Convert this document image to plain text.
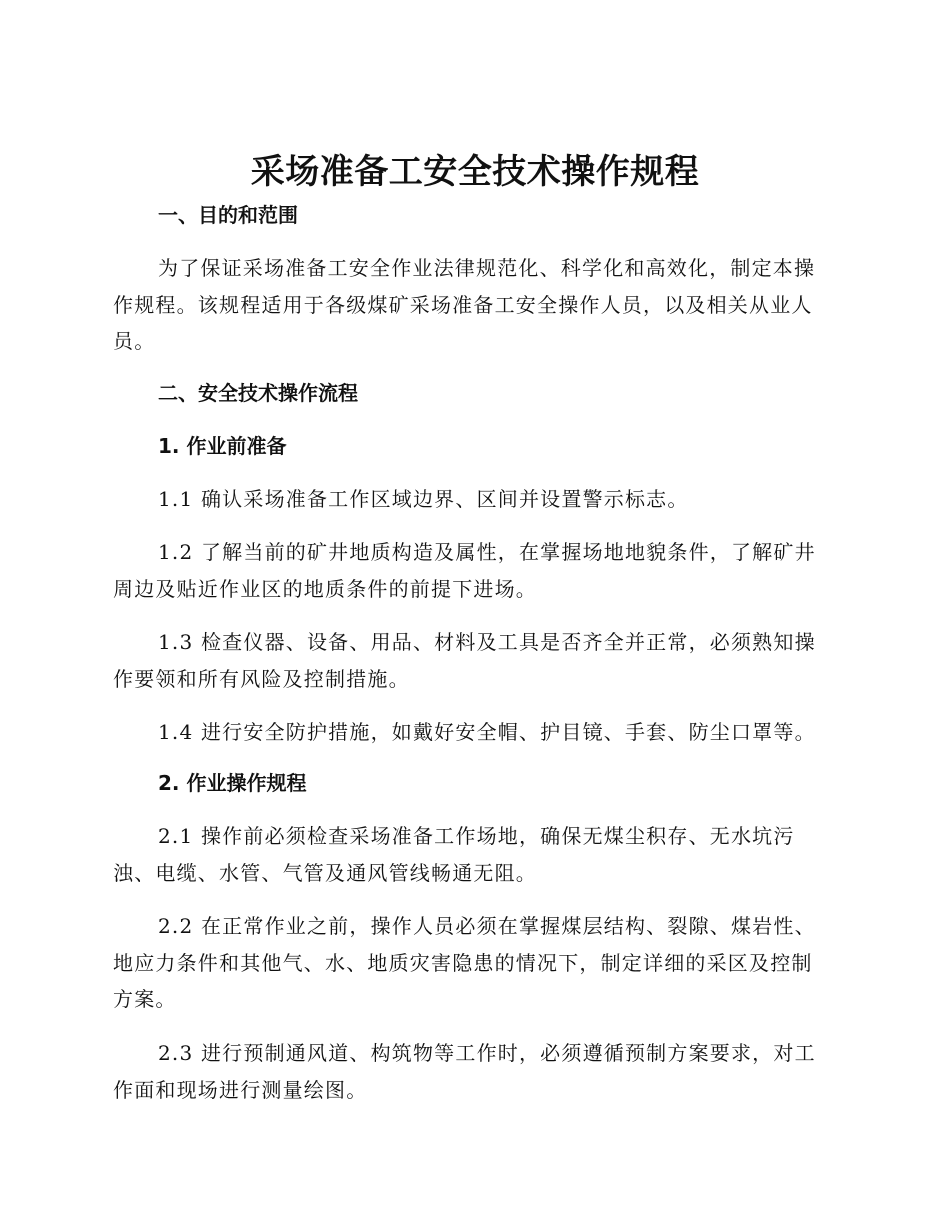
采场准备工安全技术操作规程
一、目的和范围
为了保证采场准备工安全作业法律规范化、科学化和高效化，制定本操作规程。该规程适用于各级煤矿采场准备工安全操作人员，以及相关从业人员。
二、安全技术操作流程
1. 作业前准备
1.1 确认采场准备工作区域边界、区间并设置警示标志。
1.2 了解当前的矿井地质构造及属性，在掌握场地地貌条件，了解矿井周边及贴近作业区的地质条件的前提下进场。
1.3 检查仪器、设备、用品、材料及工具是否齐全并正常，必须熟知操作要领和所有风险及控制措施。
1.4 进行安全防护措施，如戴好安全帽、护目镜、手套、防尘口罩等。
2. 作业操作规程
2.1 操作前必须检查采场准备工作场地，确保无煤尘积存、无水坑污浊、电缆、水管、气管及通风管线畅通无阻。
2.2 在正常作业之前，操作人员必须在掌握煤层结构、裂隙、煤岩性、地应力条件和其他气、水、地质灾害隐患的情况下，制定详细的采区及控制方案。
2.3 进行预制通风道、构筑物等工作时，必须遵循预制方案要求，对工作面和现场进行测量绘图。
